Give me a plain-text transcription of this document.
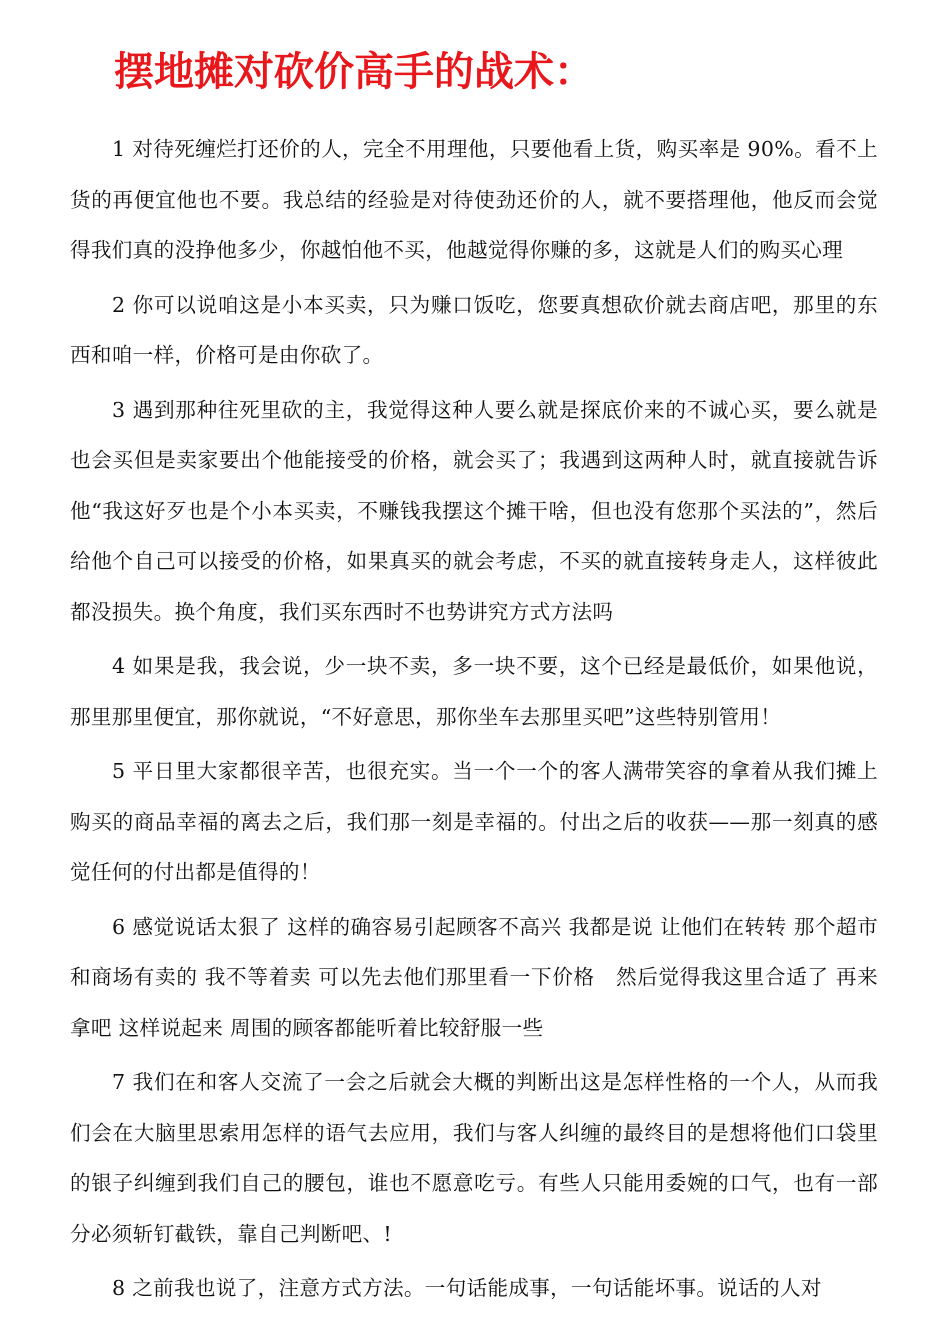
摆地摊对砍价高手的战术：

1 对待死缠烂打还价的人，完全不用理他，只要他看上货，购买率是 90%。看不上货的再便宜他也不要。我总结的经验是对待使劲还价的人，就不要搭理他，他反而会觉得我们真的没挣他多少，你越怕他不买，他越觉得你赚的多，这就是人们的购买心理

2 你可以说咱这是小本买卖，只为赚口饭吃，您要真想砍价就去商店吧，那里的东西和咱一样，价格可是由你砍了。

3 遇到那种往死里砍的主，我觉得这种人要么就是探底价来的不诚心买，要么就是也会买但是卖家要出个他能接受的价格，就会买了；我遇到这两种人时，就直接就告诉他“我这好歹也是个小本买卖，不赚钱我摆这个摊干啥，但也没有您那个买法的”，然后给他个自己可以接受的价格，如果真买的就会考虑，不买的就直接转身走人，这样彼此都没损失。换个角度，我们买东西时不也势讲究方式方法吗

4 如果是我，我会说，少一块不卖，多一块不要，这个已经是最低价，如果他说，那里那里便宜，那你就说，“不好意思，那你坐车去那里买吧”这些特别管用！

5 平日里大家都很辛苦，也很充实。当一个一个的客人满带笑容的拿着从我们摊上购买的商品幸福的离去之后，我们那一刻是幸福的。付出之后的收获——那一刻真的感觉任何的付出都是值得的！

6 感觉说话太狠了 这样的确容易引起顾客不高兴 我都是说 让他们在转转 那个超市和商场有卖的 我不等着卖 可以先去他们那里看一下价格　然后觉得我这里合适了 再来拿吧 这样说起来 周围的顾客都能听着比较舒服一些

7 我们在和客人交流了一会之后就会大概的判断出这是怎样性格的一个人，从而我们会在大脑里思索用怎样的语气去应用，我们与客人纠缠的最终目的是想将他们口袋里的银子纠缠到我们自己的腰包，谁也不愿意吃亏。有些人只能用委婉的口气，也有一部分必须斩钉截铁，靠自己判断吧、!

8 之前我也说了，注意方式方法。一句话能成事，一句话能坏事。说话的人对
